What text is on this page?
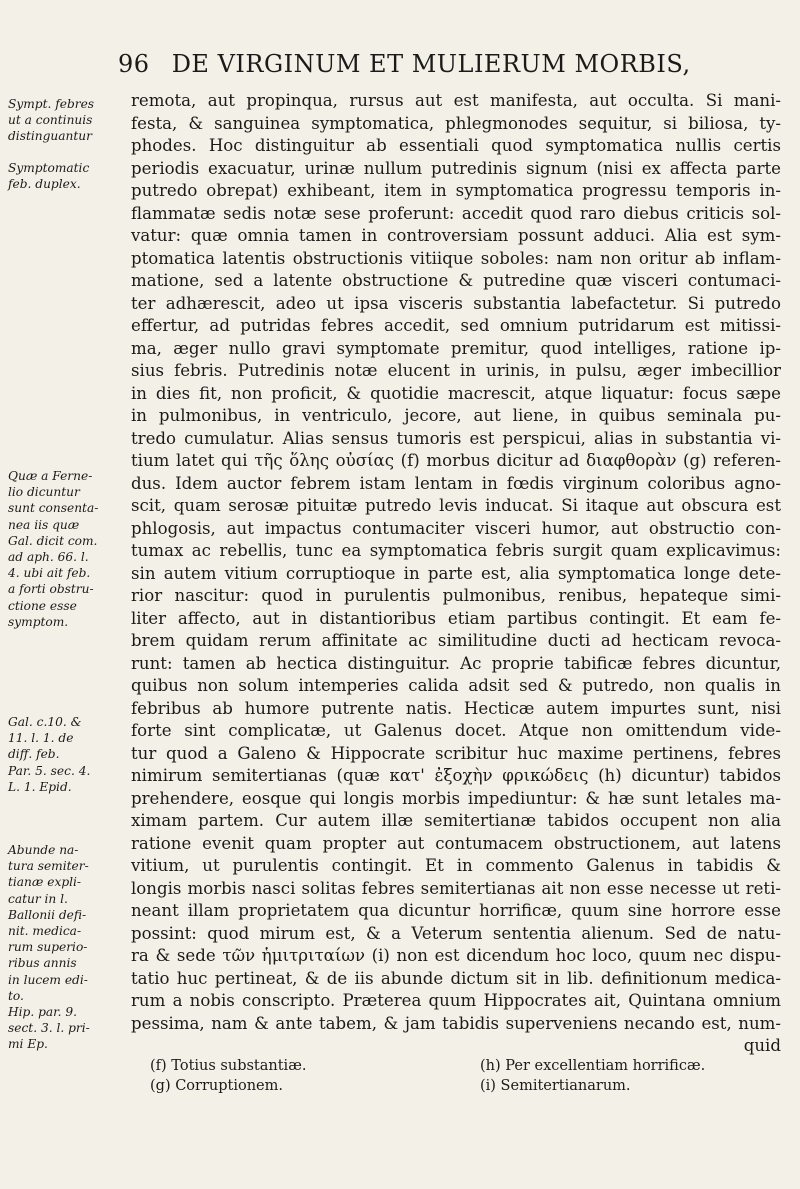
96 DE VIRGINUM ET MULIERUM MORBIS,
Sympt. febres
ut a continuis
distinguantur
Symptomatic
feb. duplex.
Quæ a Ferne-
lio dicuntur
sunt consenta-
nea iis quæ
Gal. dicit com.
ad aph. 66. l.
4. ubi ait feb.
a forti obstru-
ctione esse
symptom.
Gal. c.10. &
11. l. 1. de
diff. feb.
Par. 5. sec. 4.
L. 1. Epid.
Abunde na-
tura semiter-
tianæ expli-
catur in l.
Ballonii defi-
nit. medica-
rum superio-
ribus annis
in lucem edi-
to.
Hip. par. 9.
sect. 3. l. pri-
mi Ep.
remota, aut propinqua, rursus aut est manifesta, aut occulta. Si mani-
festa, & sanguinea symptomatica, phlegmonodes sequitur, si biliosa, ty-
phodes. Hoc distinguitur ab essentiali quod symptomatica nullis certis
periodis exacuatur, urinæ nullum putredinis signum (nisi ex affecta parte
putredo obrepat) exhibeant, item in symptomatica progressu temporis in-
flammatæ sedis notæ sese proferunt: accedit quod raro diebus criticis sol-
vatur: quæ omnia tamen in controversiam possunt adduci. Alia est sym-
ptomatica latentis obstructionis vitiique soboles: nam non oritur ab inflam-
matione, sed a latente obstructione & putredine quæ visceri contumaci-
ter adhærescit, adeo ut ipsa visceris substantia labefactetur. Si putredo
effertur, ad putridas febres accedit, sed omnium putridarum est mitissi-
ma, æger nullo gravi symptomate premitur, quod intelliges, ratione ip-
sius febris. Putredinis notæ elucent in urinis, in pulsu, æger imbecillior
in dies fit, non proficit, & quotidie macrescit, atque liquatur: focus sæpe
in pulmonibus, in ventriculo, jecore, aut liene, in quibus seminala pu-
tredo cumulatur. Alias sensus tumoris est perspicui, alias in substantia vi-
tium latet qui τῆς ὅλης οὐσίας (f) morbus dicitur ad διαφθορὰν (g) referen-
dus. Idem auctor febrem istam lentam in fœdis virginum coloribus agno-
scit, quam serosæ pituitæ putredo levis inducat. Si itaque aut obscura est
phlogosis, aut impactus contumaciter visceri humor, aut obstructio con-
tumax ac rebellis, tunc ea symptomatica febris surgit quam explicavimus:
sin autem vitium corruptioque in parte est, alia symptomatica longe dete-
rior nascitur: quod in purulentis pulmonibus, renibus, hepateque simi-
liter affecto, aut in distantioribus etiam partibus contingit. Et eam fe-
brem quidam rerum affinitate ac similitudine ducti ad hecticam revoca-
runt: tamen ab hectica distinguitur. Ac proprie tabificæ febres dicuntur,
quibus non solum intemperies calida adsit sed & putredo, non qualis in
febribus ab humore putrente natis. Hecticæ autem impurtes sunt, nisi
forte sint complicatæ, ut Galenus docet. Atque non omittendum vide-
tur quod a Galeno & Hippocrate scribitur huc maxime pertinens, febres
nimirum semitertianas (quæ κατ' ἐξοχὴν φρικώδεις (h) dicuntur) tabidos
prehendere, eosque qui longis morbis impediuntur: & hæ sunt letales ma-
ximam partem. Cur autem illæ semitertianæ tabidos occupent non alia
ratione evenit quam propter aut contumacem obstructionem, aut latens
vitium, ut purulentis contingit. Et in commento Galenus in tabidis &
longis morbis nasci solitas febres semitertianas ait non esse necesse ut reti-
neant illam proprietatem qua dicuntur horrificæ, quum sine horrore esse
possint: quod mirum est, & a Veterum sententia alienum. Sed de natu-
ra & sede τῶν ἡμιτριταίων (i) non est dicendum hoc loco, quum nec dispu-
tatio huc pertineat, & de iis abunde dictum sit in lib. definitionum medica-
rum a nobis conscripto. Præterea quum Hippocrates ait, Quintana omnium
pessima, nam & ante tabem, & jam tabidis superveniens necando est, num-
quid
(f) Totius substantiæ.	(h) Per excellentiam horrificæ.
(g) Corruptionem.	(i) Semitertianarum.
